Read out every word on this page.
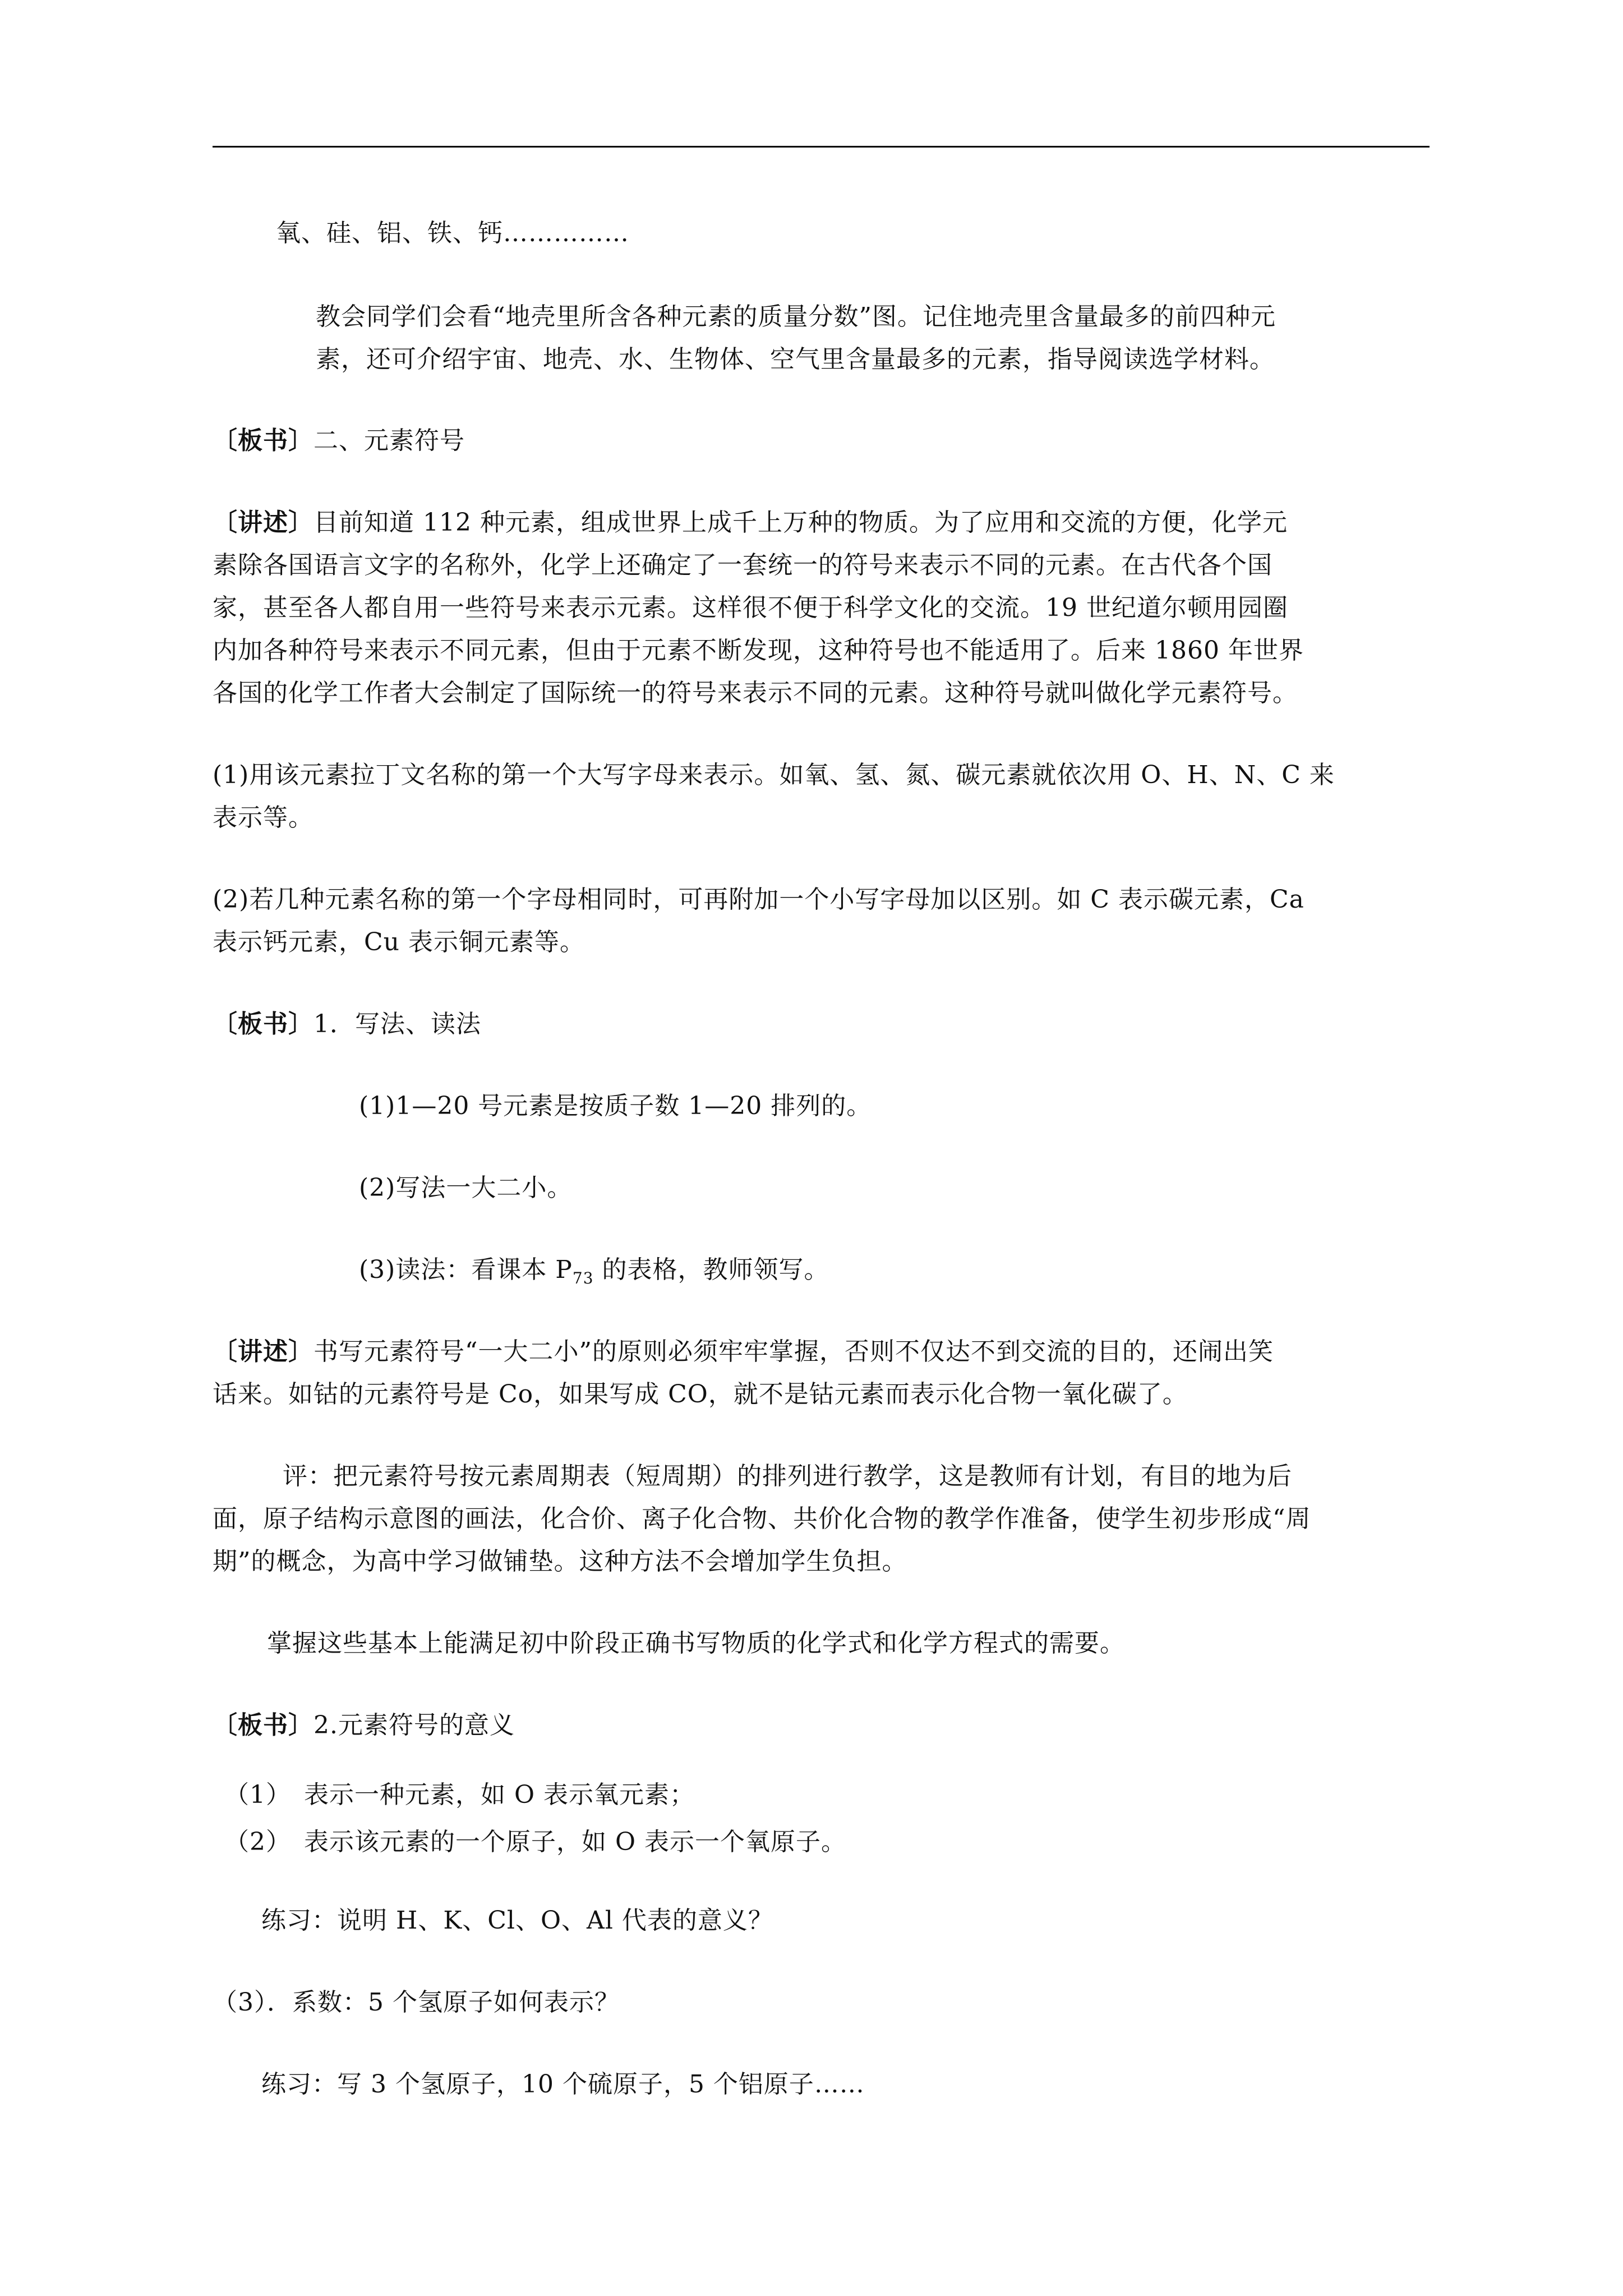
氧、硅、铝、铁、钙……………
教会同学们会看“地壳里所含各种元素的质量分数”图。记住地壳里含量最多的前四种元
素，还可介绍宇宙、地壳、水、生物体、空气里含量最多的元素，指导阅读选学材料。
〔板书〕二、元素符号
〔讲述〕目前知道 112 种元素，组成世界上成千上万种的物质。为了应用和交流的方便，化学元
素除各国语言文字的名称外，化学上还确定了一套统一的符号来表示不同的元素。在古代各个国
家，甚至各人都自用一些符号来表示元素。这样很不便于科学文化的交流。19 世纪道尔顿用园圈
内加各种符号来表示不同元素，但由于元素不断发现，这种符号也不能适用了。后来 1860 年世界
各国的化学工作者大会制定了国际统一的符号来表示不同的元素。这种符号就叫做化学元素符号。
(1)用该元素拉丁文名称的第一个大写字母来表示。如氧、氢、氮、碳元素就依次用 O、H、N、C 来
表示等。
(2)若几种元素名称的第一个字母相同时，可再附加一个小写字母加以区别。如 C 表示碳元素，Ca
表示钙元素，Cu 表示铜元素等。
〔板书〕1．写法、读法
(1)1—20 号元素是按质子数 1—20 排列的。
(2)写法一大二小。
(3)读法：看课本 $P_{73}$ 的表格，教师领写。
〔讲述〕书写元素符号“一大二小”的原则必须牢牢掌握，否则不仅达不到交流的目的，还闹出笑
话来。如钴的元素符号是 Co，如果写成 CO，就不是钴元素而表示化合物一氧化碳了。
评：把元素符号按元素周期表（短周期）的排列进行教学，这是教师有计划，有目的地为后
面，原子结构示意图的画法，化合价、离子化合物、共价化合物的教学作准备，使学生初步形成“周
期”的概念，为高中学习做铺垫。这种方法不会增加学生负担。
掌握这些基本上能满足初中阶段正确书写物质的化学式和化学方程式的需要。
〔板书〕2.元素符号的意义
（1）　表示一种元素，如 O 表示氧元素；
（2）　表示该元素的一个原子，如 O 表示一个氧原子。
练习：说明 H、K、Cl、O、Al 代表的意义？
（3）．系数：5 个氢原子如何表示？
练习：写 3 个氢原子，10 个硫原子，5 个铝原子……
